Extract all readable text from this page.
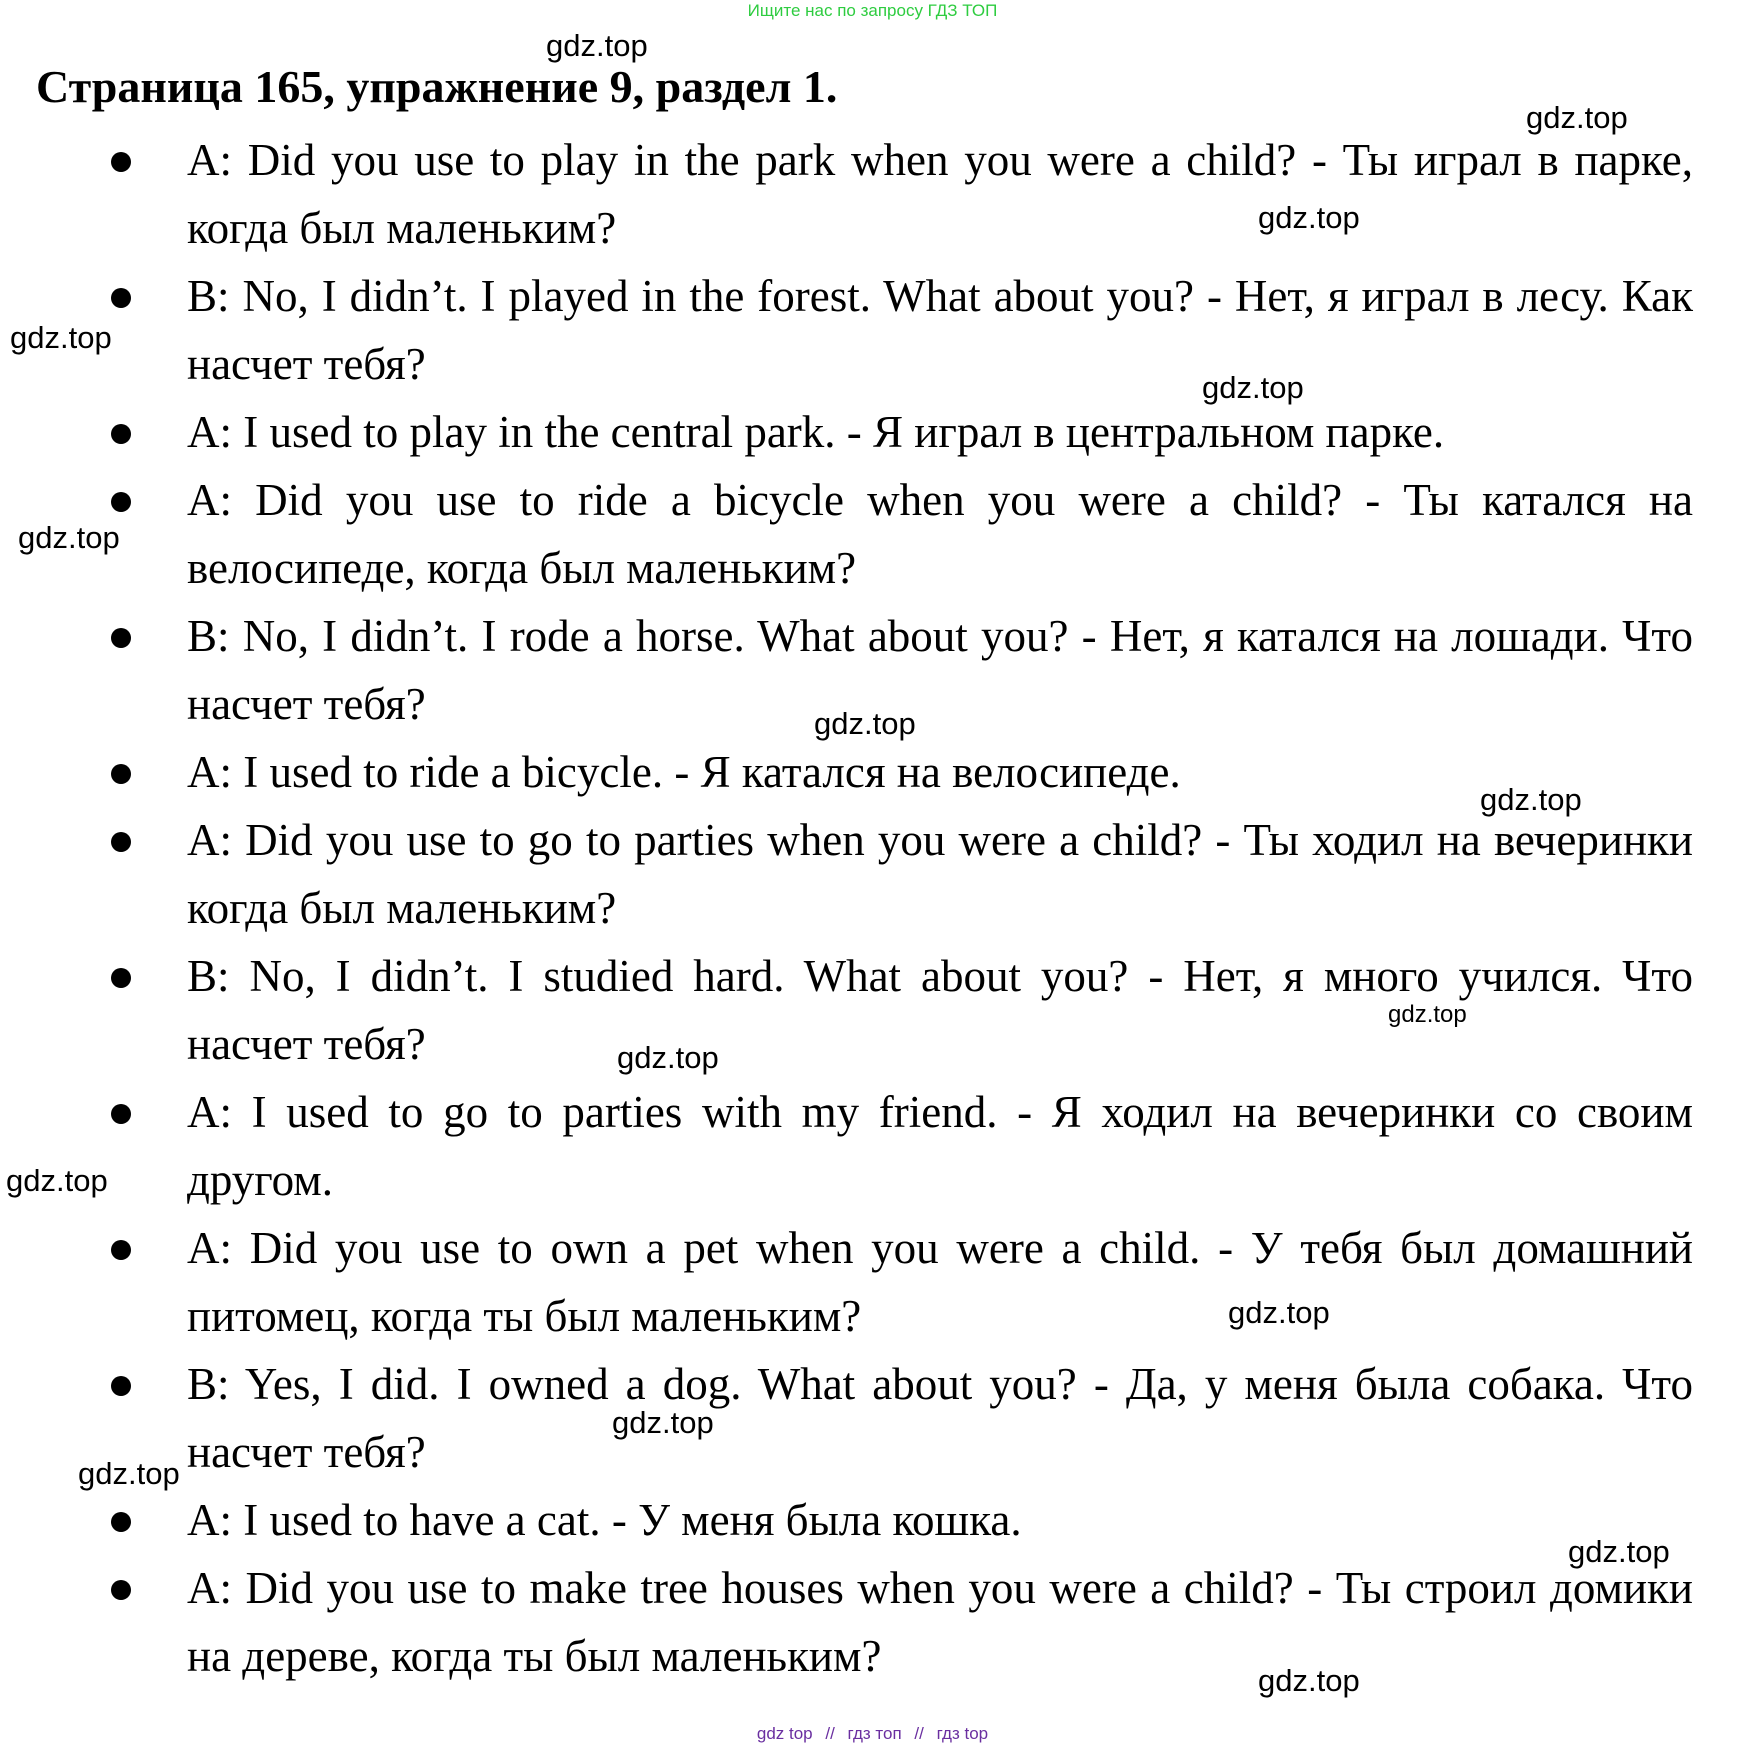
Ищите нас по запросу ГДЗ ТОП
Страница 165, упражнение 9, раздел 1.
A: Did you use to play in the park when you were a child? - Ты играл в парке, когда был маленьким?
B: No, I didn’t. I played in the forest. What about you? - Нет, я играл в лесу. Как насчет тебя?
A: I used to play in the central park. - Я играл в центральном парке.
A: Did you use to ride a bicycle when you were a child? - Ты катался на велосипеде, когда был маленьким?
B: No, I didn’t. I rode a horse. What about you? - Нет, я катался на лошади. Что насчет тебя?
A: I used to ride a bicycle. - Я катался на велосипеде.
A: Did you use to go to parties when you were a child? - Ты ходил на вечеринки когда был маленьким?
B: No, I didn’t. I studied hard. What about you? - Нет, я много учился. Что насчет тебя?
A: I used to go to parties with my friend. - Я ходил на вечеринки со своим другом.
A: Did you use to own a pet when you were a child. - У тебя был домашний питомец, когда ты был маленьким?
B: Yes, I did. I owned a dog. What about you? - Да, у меня была собака. Что насчет тебя?
A: I used to have a cat. - У меня была кошка.
A: Did you use to make tree houses when you were a child? - Ты строил домики на дереве, когда ты был маленьким?
gdz.top
gdz.top
gdz.top
gdz.top
gdz.top
gdz.top
gdz.top
gdz.top
gdz.top
gdz.top
gdz.top
gdz.top
gdz.top
gdz.top
gdz.top
gdz.top
gdz top // гдз топ // гдз top
